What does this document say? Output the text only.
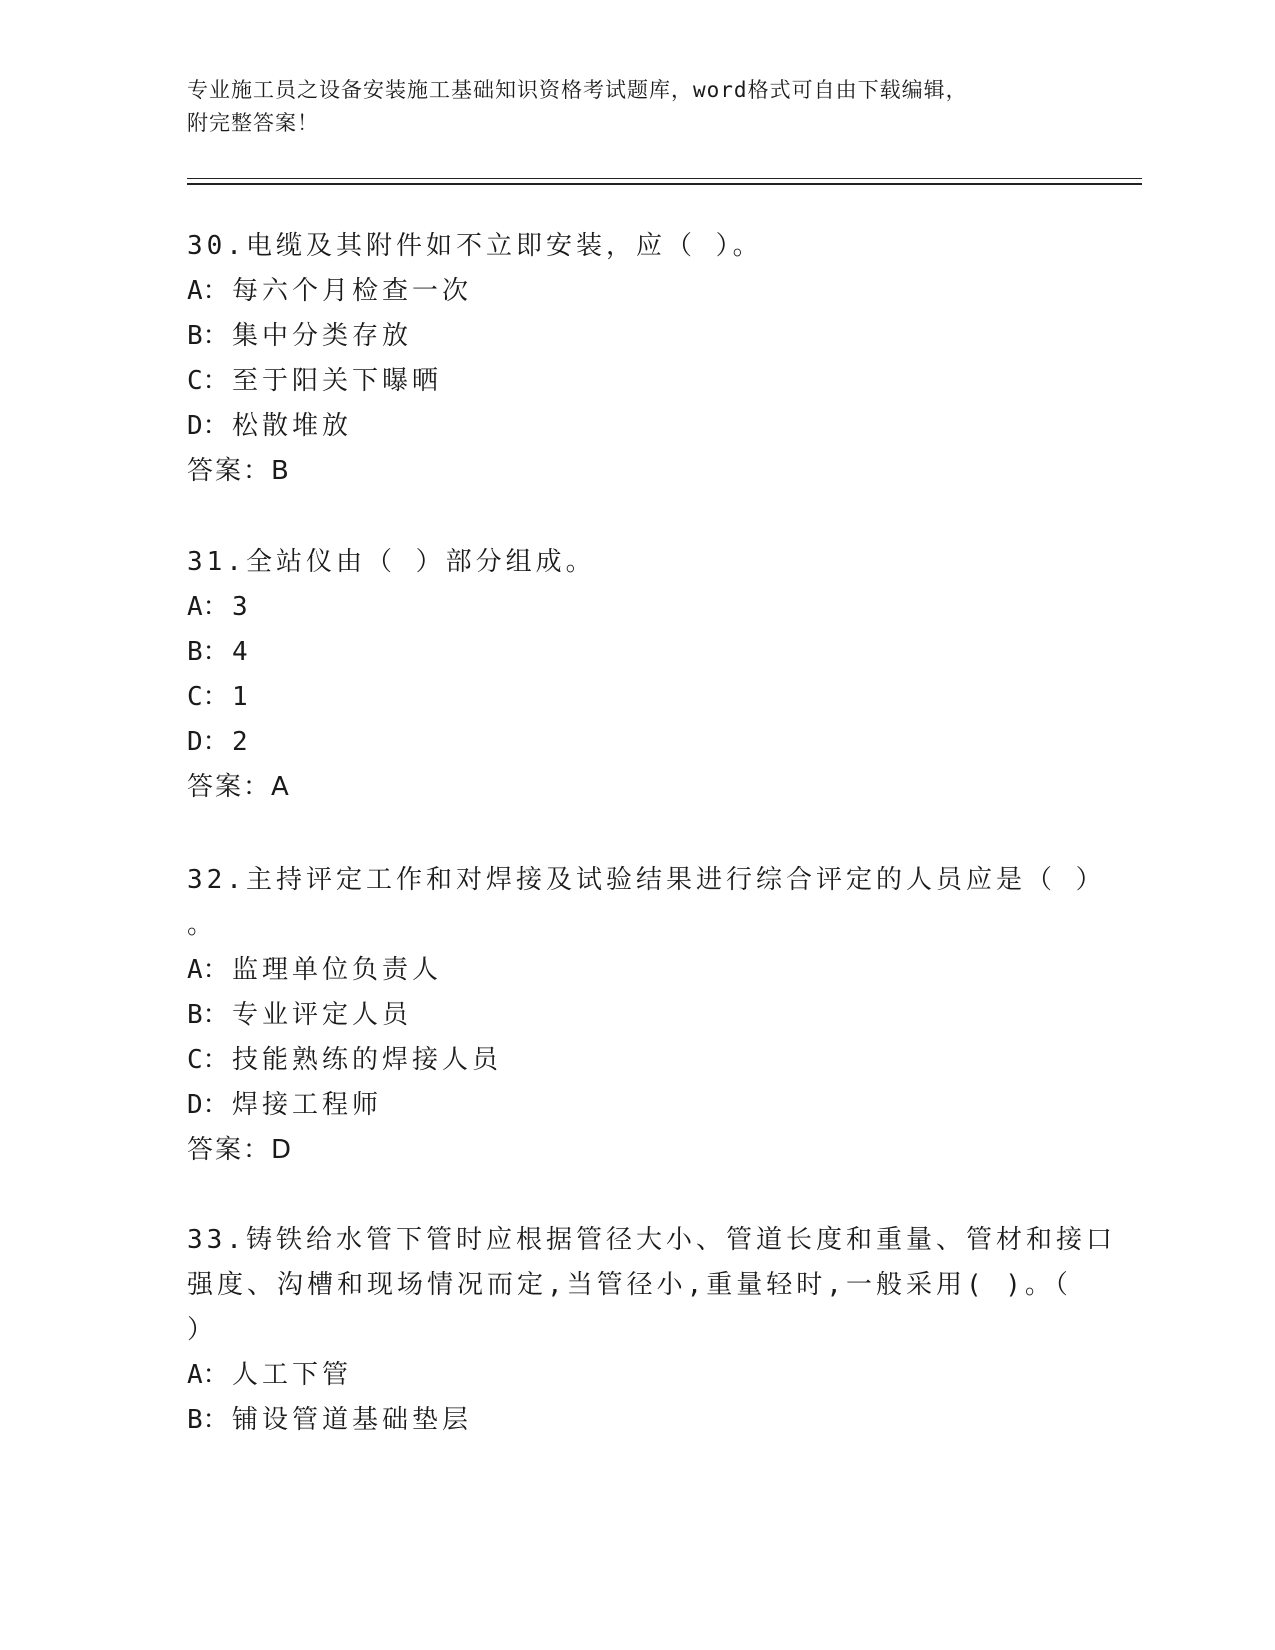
专业施工员之设备安装施工基础知识资格考试题库，word格式可自由下载编辑，
附完整答案！
30.电缆及其附件如不立即安装，应（ ）。
A： 每六个月检查一次
B： 集中分类存放
C： 至于阳关下曝晒
D： 松散堆放
答案：B
31.全站仪由（ ）部分组成。
A： 3
B： 4
C： 1
D： 2
答案：A
32.主持评定工作和对焊接及试验结果进行综合评定的人员应是（ ）
。
A： 监理单位负责人
B： 专业评定人员
C： 技能熟练的焊接人员
D： 焊接工程师
答案：D
33.铸铁给水管下管时应根据管径大小、管道长度和重量、管材和接口
强度、沟槽和现场情况而定,当管径小,重量轻时,一般采用( )。（
）
A： 人工下管
B： 铺设管道基础垫层
